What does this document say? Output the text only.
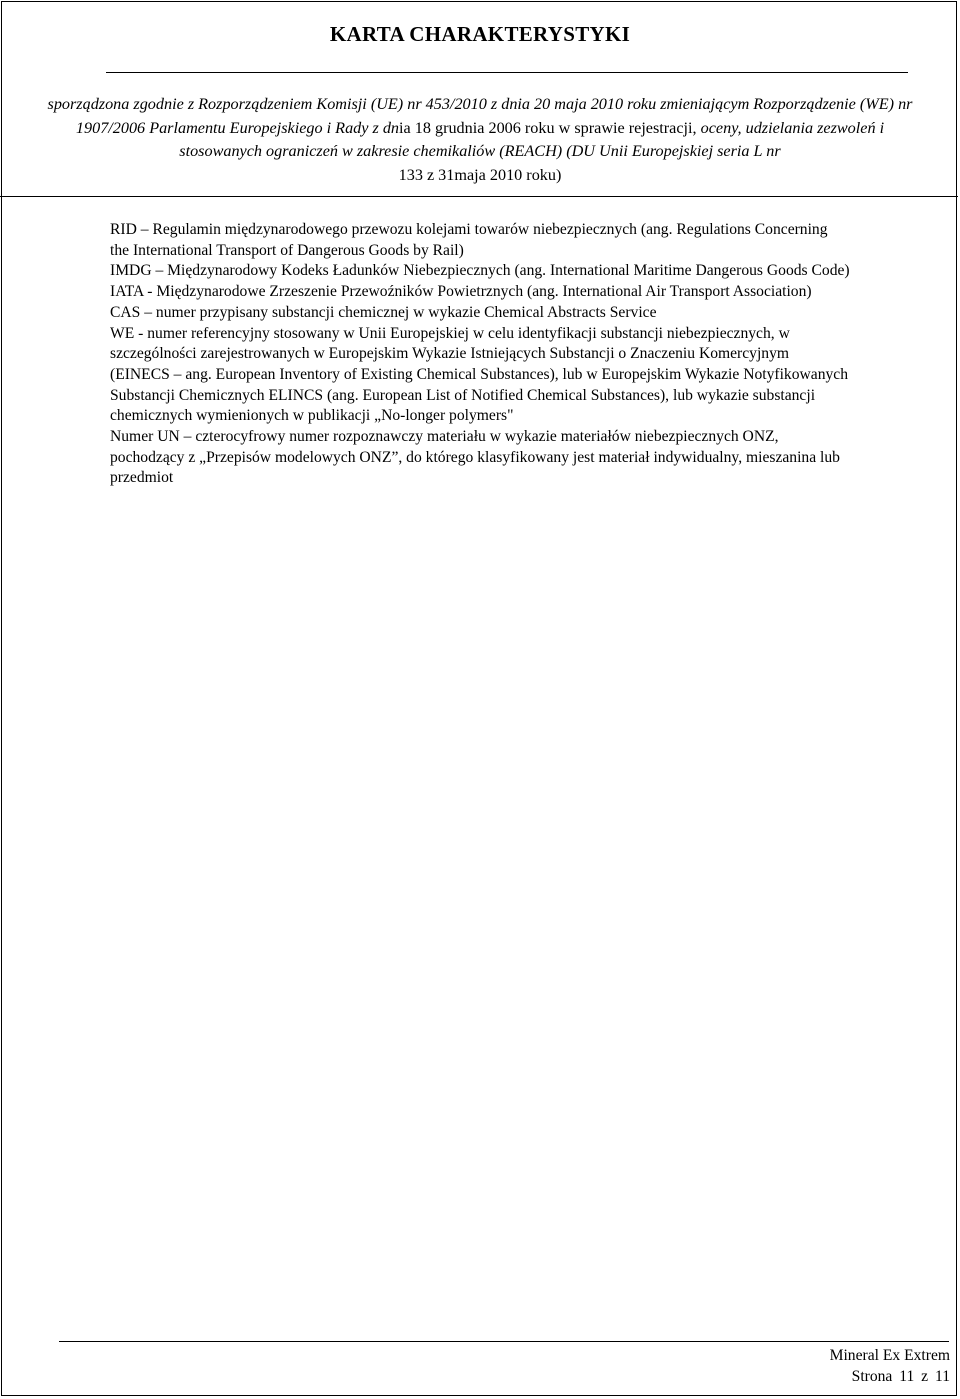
KARTA CHARAKTERYSTYKI
sporządzona zgodnie z Rozporządzeniem Komisji (UE) nr 453/2010 z dnia 20 maja 2010 roku zmieniającym Rozporządzenie (WE) nr 1907/2006 Parlamentu Europejskiego i Rady z dnia 18 grudnia 2006 roku w sprawie rejestracji, oceny, udzielania zezwoleń i stosowanych ograniczeń w zakresie chemikaliów (REACH) (DU Unii Europejskiej seria L nr
133 z 31maja 2010 roku)

RID – Regulamin międzynarodowego przewozu kolejami towarów niebezpiecznych (ang. Regulations Concerning the International Transport of Dangerous Goods by Rail)

IMDG – Międzynarodowy Kodeks Ładunków Niebezpiecznych (ang. International Maritime Dangerous Goods Code)

IATA - Międzynarodowe Zrzeszenie Przewoźników Powietrznych (ang. International Air Transport Association)

CAS – numer przypisany substancji chemicznej w wykazie Chemical Abstracts Service

WE - numer referencyjny stosowany w Unii Europejskiej w celu identyfikacji substancji niebezpiecznych, w szczególności zarejestrowanych w Europejskim Wykazie Istniejących Substancji o Znaczeniu Komercyjnym (EINECS – ang. European Inventory of Existing Chemical Substances), lub w Europejskim Wykazie Notyfikowanych Substancji Chemicznych ELINCS (ang. European List of Notified Chemical Substances), lub wykazie substancji chemicznych wymienionych w publikacji „No-longer polymers"

Numer UN – czterocyfrowy numer rozpoznawczy materiału w wykazie materiałów niebezpiecznych ONZ, pochodzący z „Przepisów modelowych ONZ”, do którego klasyfikowany jest materiał indywidualny, mieszanina lub przedmiot

Mineral Ex Extrem
Strona 11 z 11
